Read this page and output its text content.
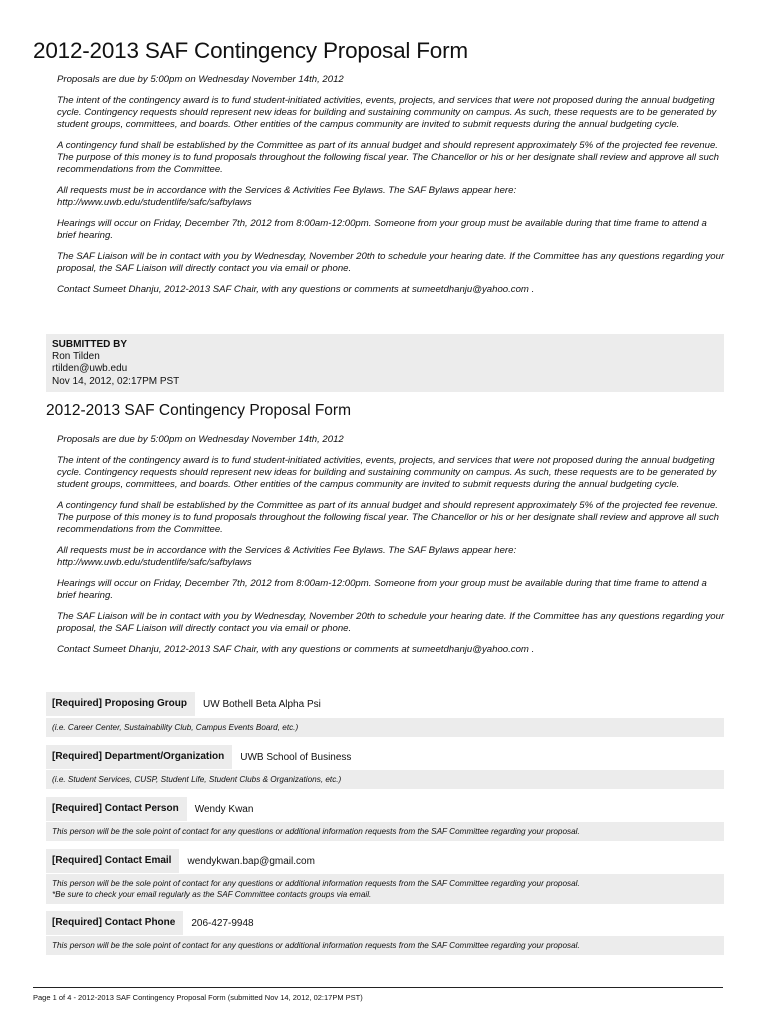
2012-2013 SAF Contingency Proposal Form

Proposals are due by 5:00pm on Wednesday November 14th, 2012

The intent of the contingency award is to fund student-initiated activities, events, projects, and services that were not proposed during the annual budgeting cycle. Contingency requests should represent new ideas for building and sustaining community on campus. As such, these requests are to be generated by student groups, committees, and boards. Other entities of the campus community are invited to submit requests during the annual budgeting cycle.

A contingency fund shall be established by the Committee as part of its annual budget and should represent approximately 5% of the projected fee revenue. The purpose of this money is to fund proposals throughout the following fiscal year. The Chancellor or his or her designate shall review and approve all such recommendations from the Committee.

All requests must be in accordance with the Services & Activities Fee Bylaws. The SAF Bylaws appear here:
http://www.uwb.edu/studentlife/safc/safbylaws

Hearings will occur on Friday, December 7th, 2012 from 8:00am-12:00pm. Someone from your group must be available during that time frame to attend a brief hearing.

The SAF Liaison will be in contact with you by Wednesday, November 20th to schedule your hearing date. If the Committee has any questions regarding your proposal, the SAF Liaison will directly contact you via email or phone.

Contact Sumeet Dhanju, 2012-2013 SAF Chair, with any questions or comments at sumeetdhanju@yahoo.com .

SUBMITTED BY
Ron Tilden
rtilden@uwb.edu
Nov 14, 2012, 02:17PM PST
2012-2013 SAF Contingency Proposal Form

Proposals are due by 5:00pm on Wednesday November 14th, 2012

The intent of the contingency award is to fund student-initiated activities, events, projects, and services that were not proposed during the annual budgeting cycle. Contingency requests should represent new ideas for building and sustaining community on campus. As such, these requests are to be generated by student groups, committees, and boards. Other entities of the campus community are invited to submit requests during the annual budgeting cycle.

A contingency fund shall be established by the Committee as part of its annual budget and should represent approximately 5% of the projected fee revenue. The purpose of this money is to fund proposals throughout the following fiscal year. The Chancellor or his or her designate shall review and approve all such recommendations from the Committee.

All requests must be in accordance with the Services & Activities Fee Bylaws. The SAF Bylaws appear here:
http://www.uwb.edu/studentlife/safc/safbylaws

Hearings will occur on Friday, December 7th, 2012 from 8:00am-12:00pm. Someone from your group must be available during that time frame to attend a brief hearing.

The SAF Liaison will be in contact with you by Wednesday, November 20th to schedule your hearing date. If the Committee has any questions regarding your proposal, the SAF Liaison will directly contact you via email or phone.

Contact Sumeet Dhanju, 2012-2013 SAF Chair, with any questions or comments at sumeetdhanju@yahoo.com .

[Required] Proposing Group	UW Bothell Beta Alpha Psi
(i.e. Career Center, Sustainability Club, Campus Events Board, etc.)
[Required] Department/Organization	UWB School of Business
(i.e. Student Services, CUSP, Student Life, Student Clubs & Organizations, etc.)
[Required] Contact Person	Wendy Kwan
This person will be the sole point of contact for any questions or additional information requests from the SAF Committee regarding your proposal.
[Required] Contact Email	wendykwan.bap@gmail.com
This person will be the sole point of contact for any questions or additional information requests from the SAF Committee regarding your proposal.
*Be sure to check your email regularly as the SAF Committee contacts groups via email.
[Required] Contact Phone	206-427-9948
This person will be the sole point of contact for any questions or additional information requests from the SAF Committee regarding your proposal.
Page 1 of 4 - 2012-2013 SAF Contingency Proposal Form (submitted Nov 14, 2012, 02:17PM PST)
